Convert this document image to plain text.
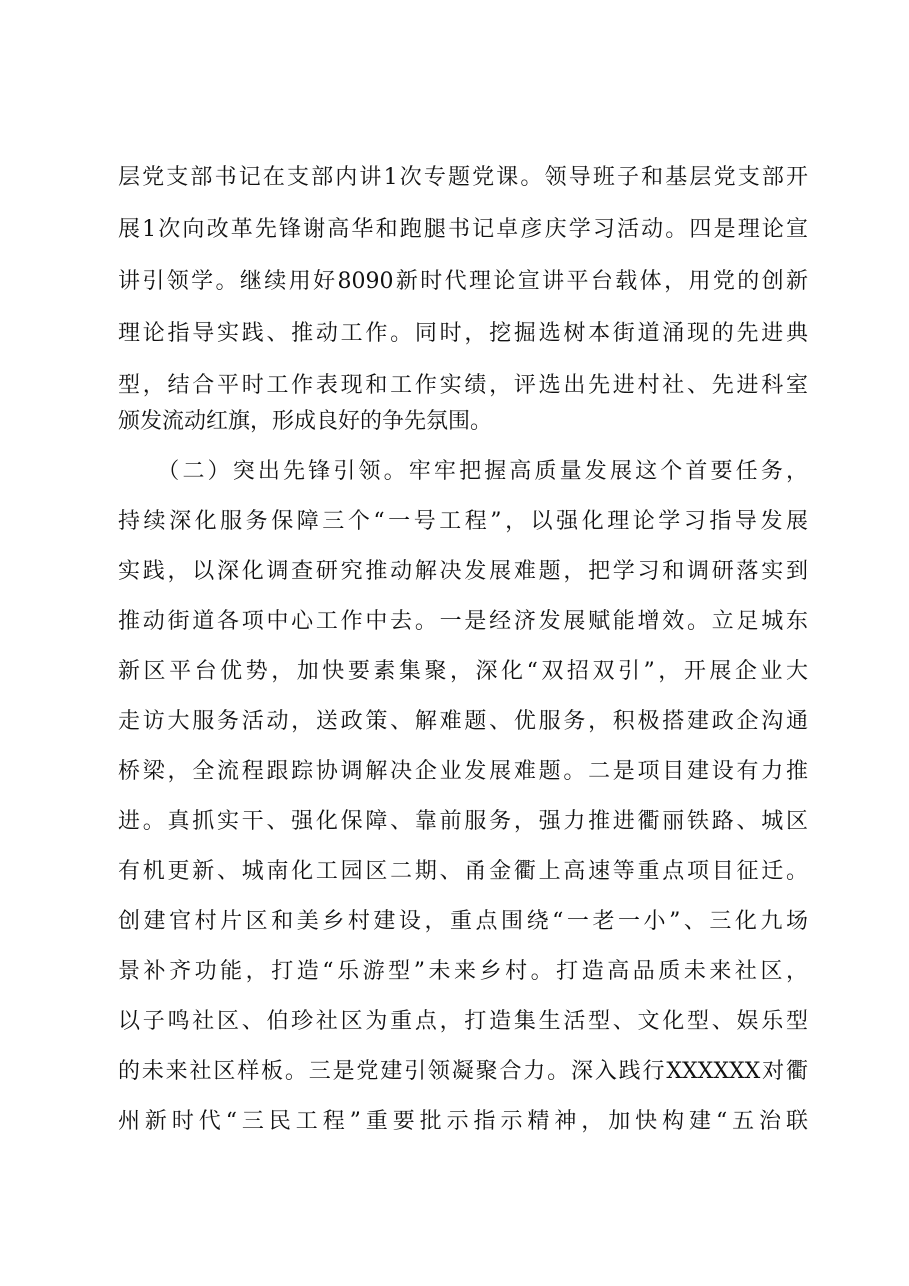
层党支部书记在支部内讲1次专题党课。领导班子和基层党支部开
展1次向改革先锋谢高华和跑腿书记卓彦庆学习活动。四是理论宣
讲引领学。继续用好8090新时代理论宣讲平台载体，用党的创新
理论指导实践、推动工作。同时，挖掘选树本街道涌现的先进典
型，结合平时工作表现和工作实绩，评选出先进村社、先进科室
颁发流动红旗，形成良好的争先氛围。
　　（二）突出先锋引领。牢牢把握高质量发展这个首要任务，
持续深化服务保障三个“一号工程”，以强化理论学习指导发展
实践，以深化调查研究推动解决发展难题，把学习和调研落实到
推动街道各项中心工作中去。一是经济发展赋能增效。立足城东
新区平台优势，加快要素集聚，深化“双招双引”，开展企业大
走访大服务活动，送政策、解难题、优服务，积极搭建政企沟通
桥梁，全流程跟踪协调解决企业发展难题。二是项目建设有力推
进。真抓实干、强化保障、靠前服务，强力推进衢丽铁路、城区
有机更新、城南化工园区二期、甬金衢上高速等重点项目征迁。
创建官村片区和美乡村建设，重点围绕“一老一小”、三化九场
景补齐功能，打造“乐游型”未来乡村。打造高品质未来社区，
以子鸣社区、伯珍社区为重点，打造集生活型、文化型、娱乐型
的未来社区样板。三是党建引领凝聚合力。深入践行XXXXXX对衢
州新时代“三民工程”重要批示指示精神，加快构建“五治联
